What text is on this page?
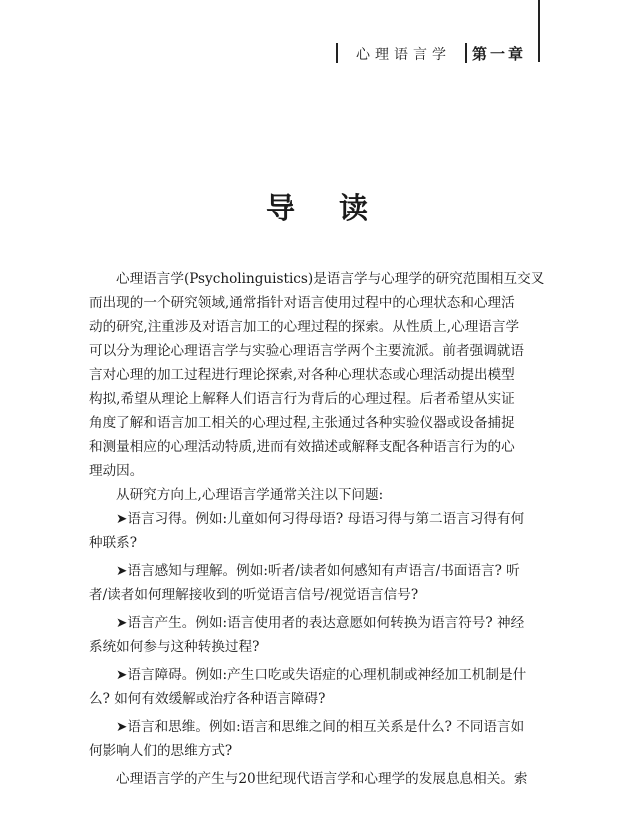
心理语言学 第一章
导读
心理语言学(Psycholinguistics)是语言学与心理学的研究范围相互交叉
而出现的一个研究领域,通常指针对语言使用过程中的心理状态和心理活
动的研究,注重涉及对语言加工的心理过程的探索。从性质上,心理语言学
可以分为理论心理语言学与实验心理语言学两个主要流派。前者强调就语
言对心理的加工过程进行理论探索,对各种心理状态或心理活动提出模型
构拟,希望从理论上解释人们语言行为背后的心理过程。后者希望从实证
角度了解和语言加工相关的心理过程,主张通过各种实验仪器或设备捕捉
和测量相应的心理活动特质,进而有效描述或解释支配各种语言行为的心
理动因。
从研究方向上,心理语言学通常关注以下问题:
➤语言习得。例如:儿童如何习得母语? 母语习得与第二语言习得有何
种联系?
➤语言感知与理解。例如:听者/读者如何感知有声语言/书面语言? 听
者/读者如何理解接收到的听觉语言信号/视觉语言信号?
➤语言产生。例如:语言使用者的表达意愿如何转换为语言符号? 神经
系统如何参与这种转换过程?
➤语言障碍。例如:产生口吃或失语症的心理机制或神经加工机制是什
么? 如何有效缓解或治疗各种语言障碍?
➤语言和思维。例如:语言和思维之间的相互关系是什么? 不同语言如
何影响人们的思维方式?
心理语言学的产生与20世纪现代语言学和心理学的发展息息相关。索
